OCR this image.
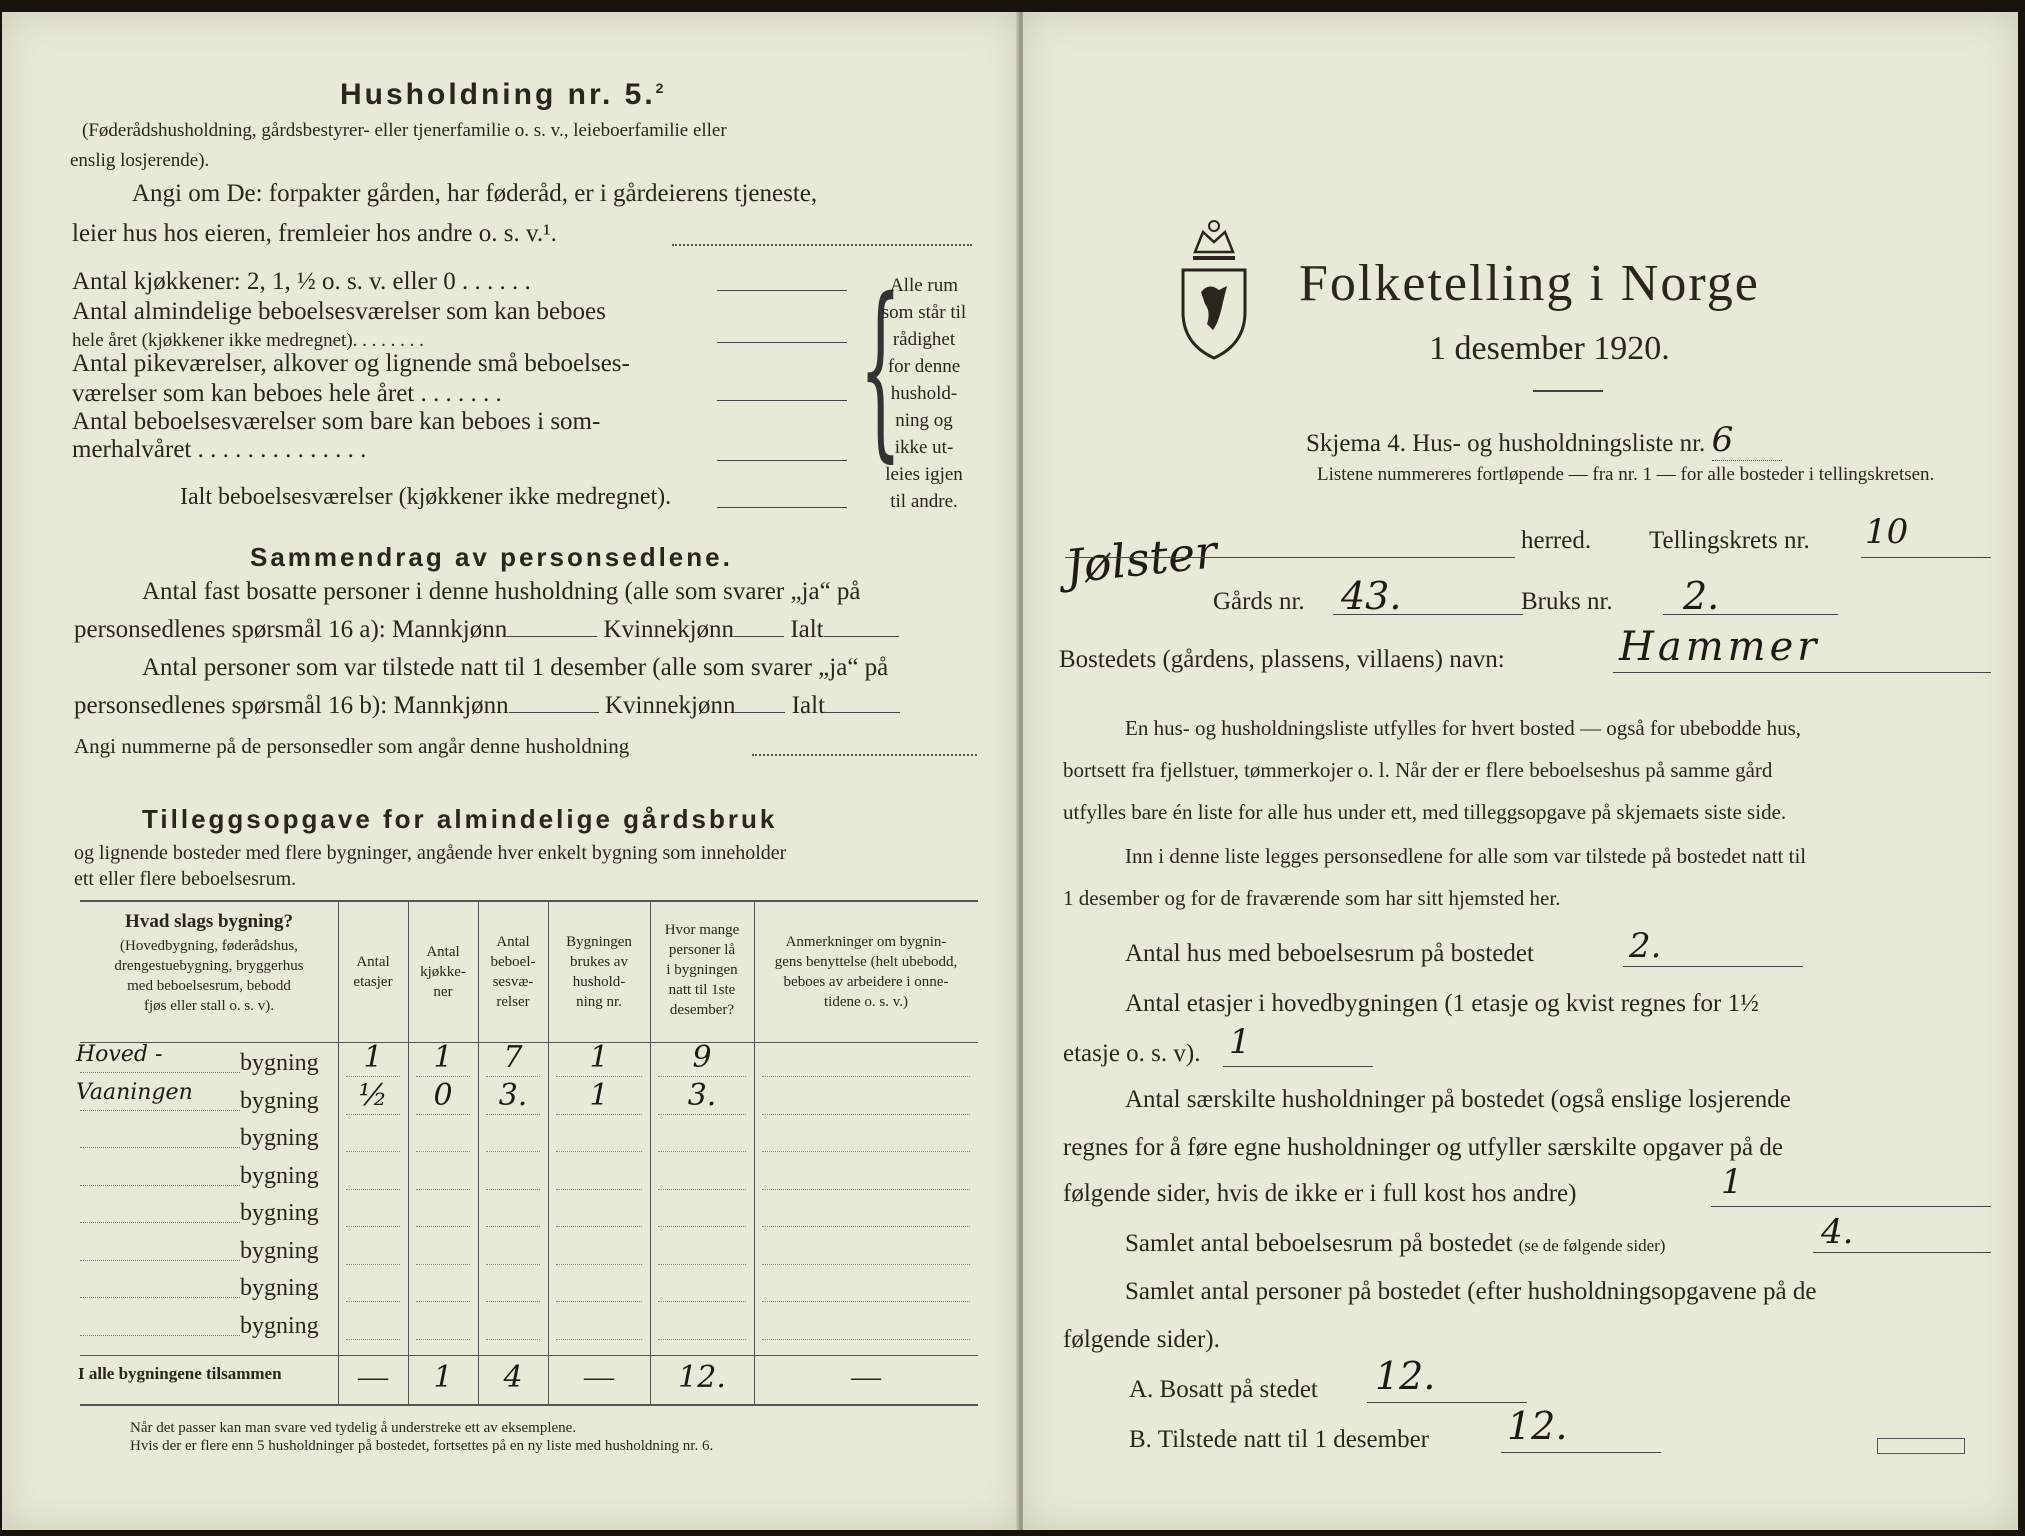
Husholdning nr. 5.$^2$
(Føderådshusholdning, gårdsbestyrer- eller tjenerfamilie o. s. v., leieboerfamilie eller
enslig losjerende).
Angi om De: forpakter gården, har føderåd, er i gårdeierens tjeneste,
leier hus hos eieren, fremleier hos andre o. s. v.¹.
Antal kjøkkener: 2, 1, ½ o. s. v. eller 0 . . . . . .
Antal almindelige beboelsesværelser som kan beboes
hele året (kjøkkener ikke medregnet). . . . . . . .
Antal pikeværelser, alkover og lignende små beboelses-
værelser som kan beboes hele året . . . . . . .
Antal beboelsesværelser som bare kan beboes i som-
merhalvåret . . . . . . . . . . . . . .	{
Alle rum
som står til
rådighet
for denne
hushold-
ning og
ikke ut-
leies igjen
til andre.
Ialt beboelsesværelser (kjøkkener ikke medregnet).
Sammendrag av personsedlene.
Antal fast bosatte personer i denne husholdning (alle som svarer „ja“ på
personsedlenes spørsmål 16 a): Mannkjønn	Kvinnekjønn Ialt
Antal personer som var tilstede natt til 1 desember (alle som svarer „ja“ på
personsedlenes spørsmål 16 b): Mannkjønn	Kvinnekjønn Ialt
Angi nummerne på de personsedler som angår denne husholdning
Tilleggsopgave for almindelige gårdsbruk
og lignende bosteder med flere bygninger, angående hver enkelt bygning som inneholder
ett eller flere beboelsesrum.
Hvad slags bygning?
(Hovedbygning, føderådshus,
drengestuebygning, bryggerhus
med beboelsesrum, bebodd
fjøs eller stall o. s. v).
Antal
etasjer
Antal
kjøkke-
ner
Antal
beboel-
sesvæ-
relser
Bygningen
brukes av
hushold-
ning nr.
Hvor mange
personer lå
i bygningen
natt til 1ste
desember?
Anmerkninger om bygnin-
gens benyttelse (helt ubebodd,
beboes av arbeidere i onne-
tidene o. s. v.)
Hoved -	bygning	1	1	7	1	9
Vaaningen bygning	½	0	3.	1	3.
bygning
bygning
bygning
bygning
bygning
bygning
I alle bygningene tilsammen	—	1	4	—	12.	—
Når det passer kan man svare ved tydelig å understreke ett av eksemplene.
Hvis der er flere enn 5 husholdninger på bostedet, fortsettes på en ny liste med husholdning nr. 6.
Folketelling i Norge
1 desember 1920.
Skjema 4. Hus- og husholdningsliste nr. 6
Listene nummereres fortløpende — fra nr. 1 — for alle bosteder i tellingskretsen.
Jølster	herred. Tellingskrets nr. 10
Gårds nr. 43.	Bruks nr. 2.
Bostedets (gårdens, plassens, villaens) navn:	Hammer
En hus- og husholdningsliste utfylles for hvert bosted — også for ubebodde hus,
bortsett fra fjellstuer, tømmerkojer o. l. Når der er flere beboelseshus på samme gård
utfylles bare én liste for alle hus under ett, med tilleggsopgave på skjemaets siste side.
Inn i denne liste legges personsedlene for alle som var tilstede på bostedet natt til
1 desember og for de fraværende som har sitt hjemsted her.
Antal hus med beboelsesrum på bostedet	2.
Antal etasjer i hovedbygningen (1 etasje og kvist regnes for 1½
etasje o. s. v). 1
Antal særskilte husholdninger på bostedet (også enslige losjerende
regnes for å føre egne husholdninger og utfyller særskilte opgaver på de
følgende sider, hvis de ikke er i full kost hos andre)	1
Samlet antal beboelsesrum på bostedet (se de følgende sider)	4.
Samlet antal personer på bostedet (efter husholdningsopgavene på de
følgende sider).
A. Bosatt på stedet 12.
B. Tilstede natt til 1 desember 12.
